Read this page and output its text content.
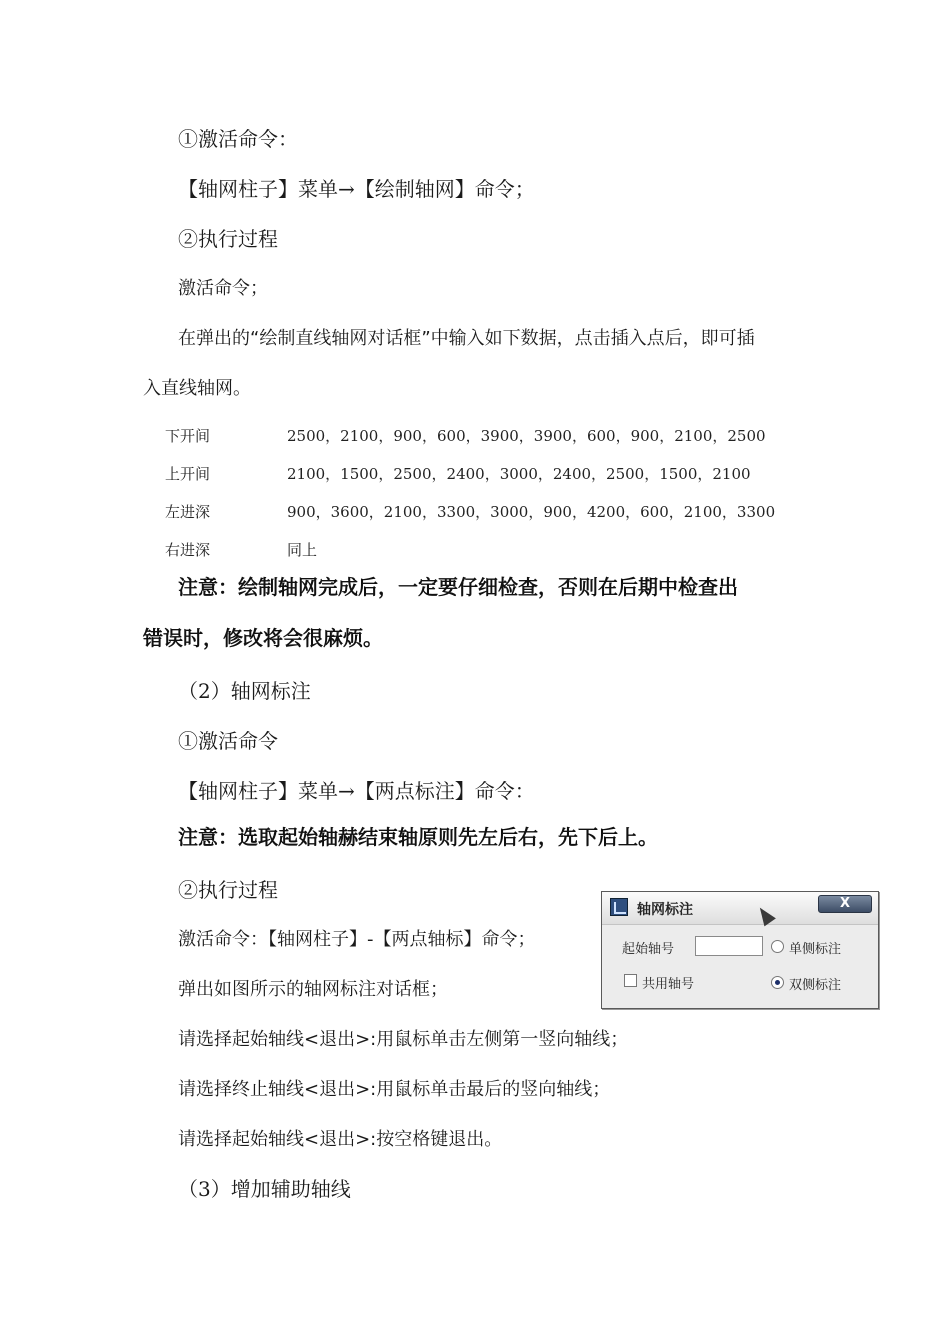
①激活命令：
【轴网柱子】菜单→【绘制轴网】命令；
②执行过程
激活命令；
在弹出的“绘制直线轴网对话框”中输入如下数据，点击插入点后，即可插
入直线轴网。
下开间	2500，2100，900，600，3900，3900，600，900，2100，2500
上开间	2100，1500，2500，2400，3000，2400，2500，1500，2100
左进深	900，3600，2100，3300，3000，900，4200，600，2100，3300
右进深	同上
注意：绘制轴网完成后，一定要仔细检查，否则在后期中检查出
错误时，修改将会很麻烦。
（2）轴网标注
①激活命令
【轴网柱子】菜单→【两点标注】命令：
注意：选取起始轴赫结束轴原则先左后右，先下后上。
②执行过程
激活命令：【轴网柱子】-【两点轴标】命令；
弹出如图所示的轴网标注对话框；
请选择起始轴线<退出>:用鼠标单击左侧第一竖向轴线；
请选择终止轴线<退出>:用鼠标单击最后的竖向轴线；
请选择起始轴线<退出>:按空格键退出。
（3）增加辅助轴线
轴网标注	X
起始轴号	单侧标注
共用轴号	双侧标注
